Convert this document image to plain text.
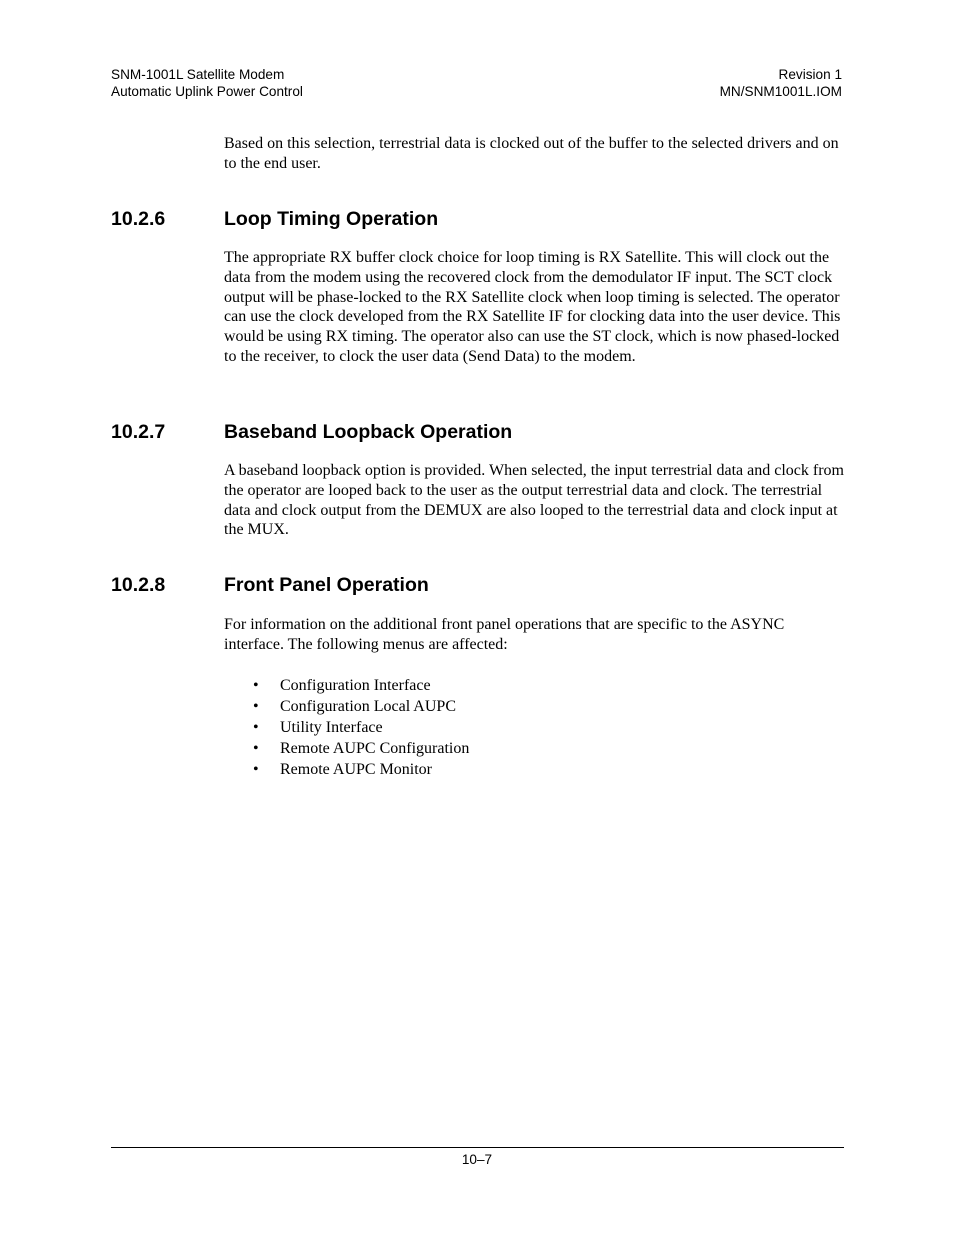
SNM-1001L Satellite Modem
Automatic Uplink Power Control
Revision 1
MN/SNM1001L.IOM

Based on this selection, terrestrial data is clocked out of the buffer to the selected drivers and on to the end user.

10.2.6	Loop Timing Operation

The appropriate RX buffer clock choice for loop timing is RX Satellite. This will clock out the data from the modem using the recovered clock from the demodulator IF input. The SCT clock output will be phase-locked to the RX Satellite clock when loop timing is selected. The operator can use the clock developed from the RX Satellite IF for clocking data into the user device. This would be using RX timing. The operator also can use the ST clock, which is now phased-locked to the receiver, to clock the user data (Send Data) to the modem.

10.2.7	Baseband Loopback Operation

A baseband loopback option is provided. When selected, the input terrestrial data and clock from the operator are looped back to the user as the output terrestrial data and clock. The terrestrial data and clock output from the DEMUX are also looped to the terrestrial data and clock input at the MUX.

10.2.8	Front Panel Operation

For information on the additional front panel operations that are specific to the ASYNC interface. The following menus are affected:

• Configuration Interface
• Configuration Local AUPC
• Utility Interface
• Remote AUPC Configuration
• Remote AUPC Monitor
10–7
